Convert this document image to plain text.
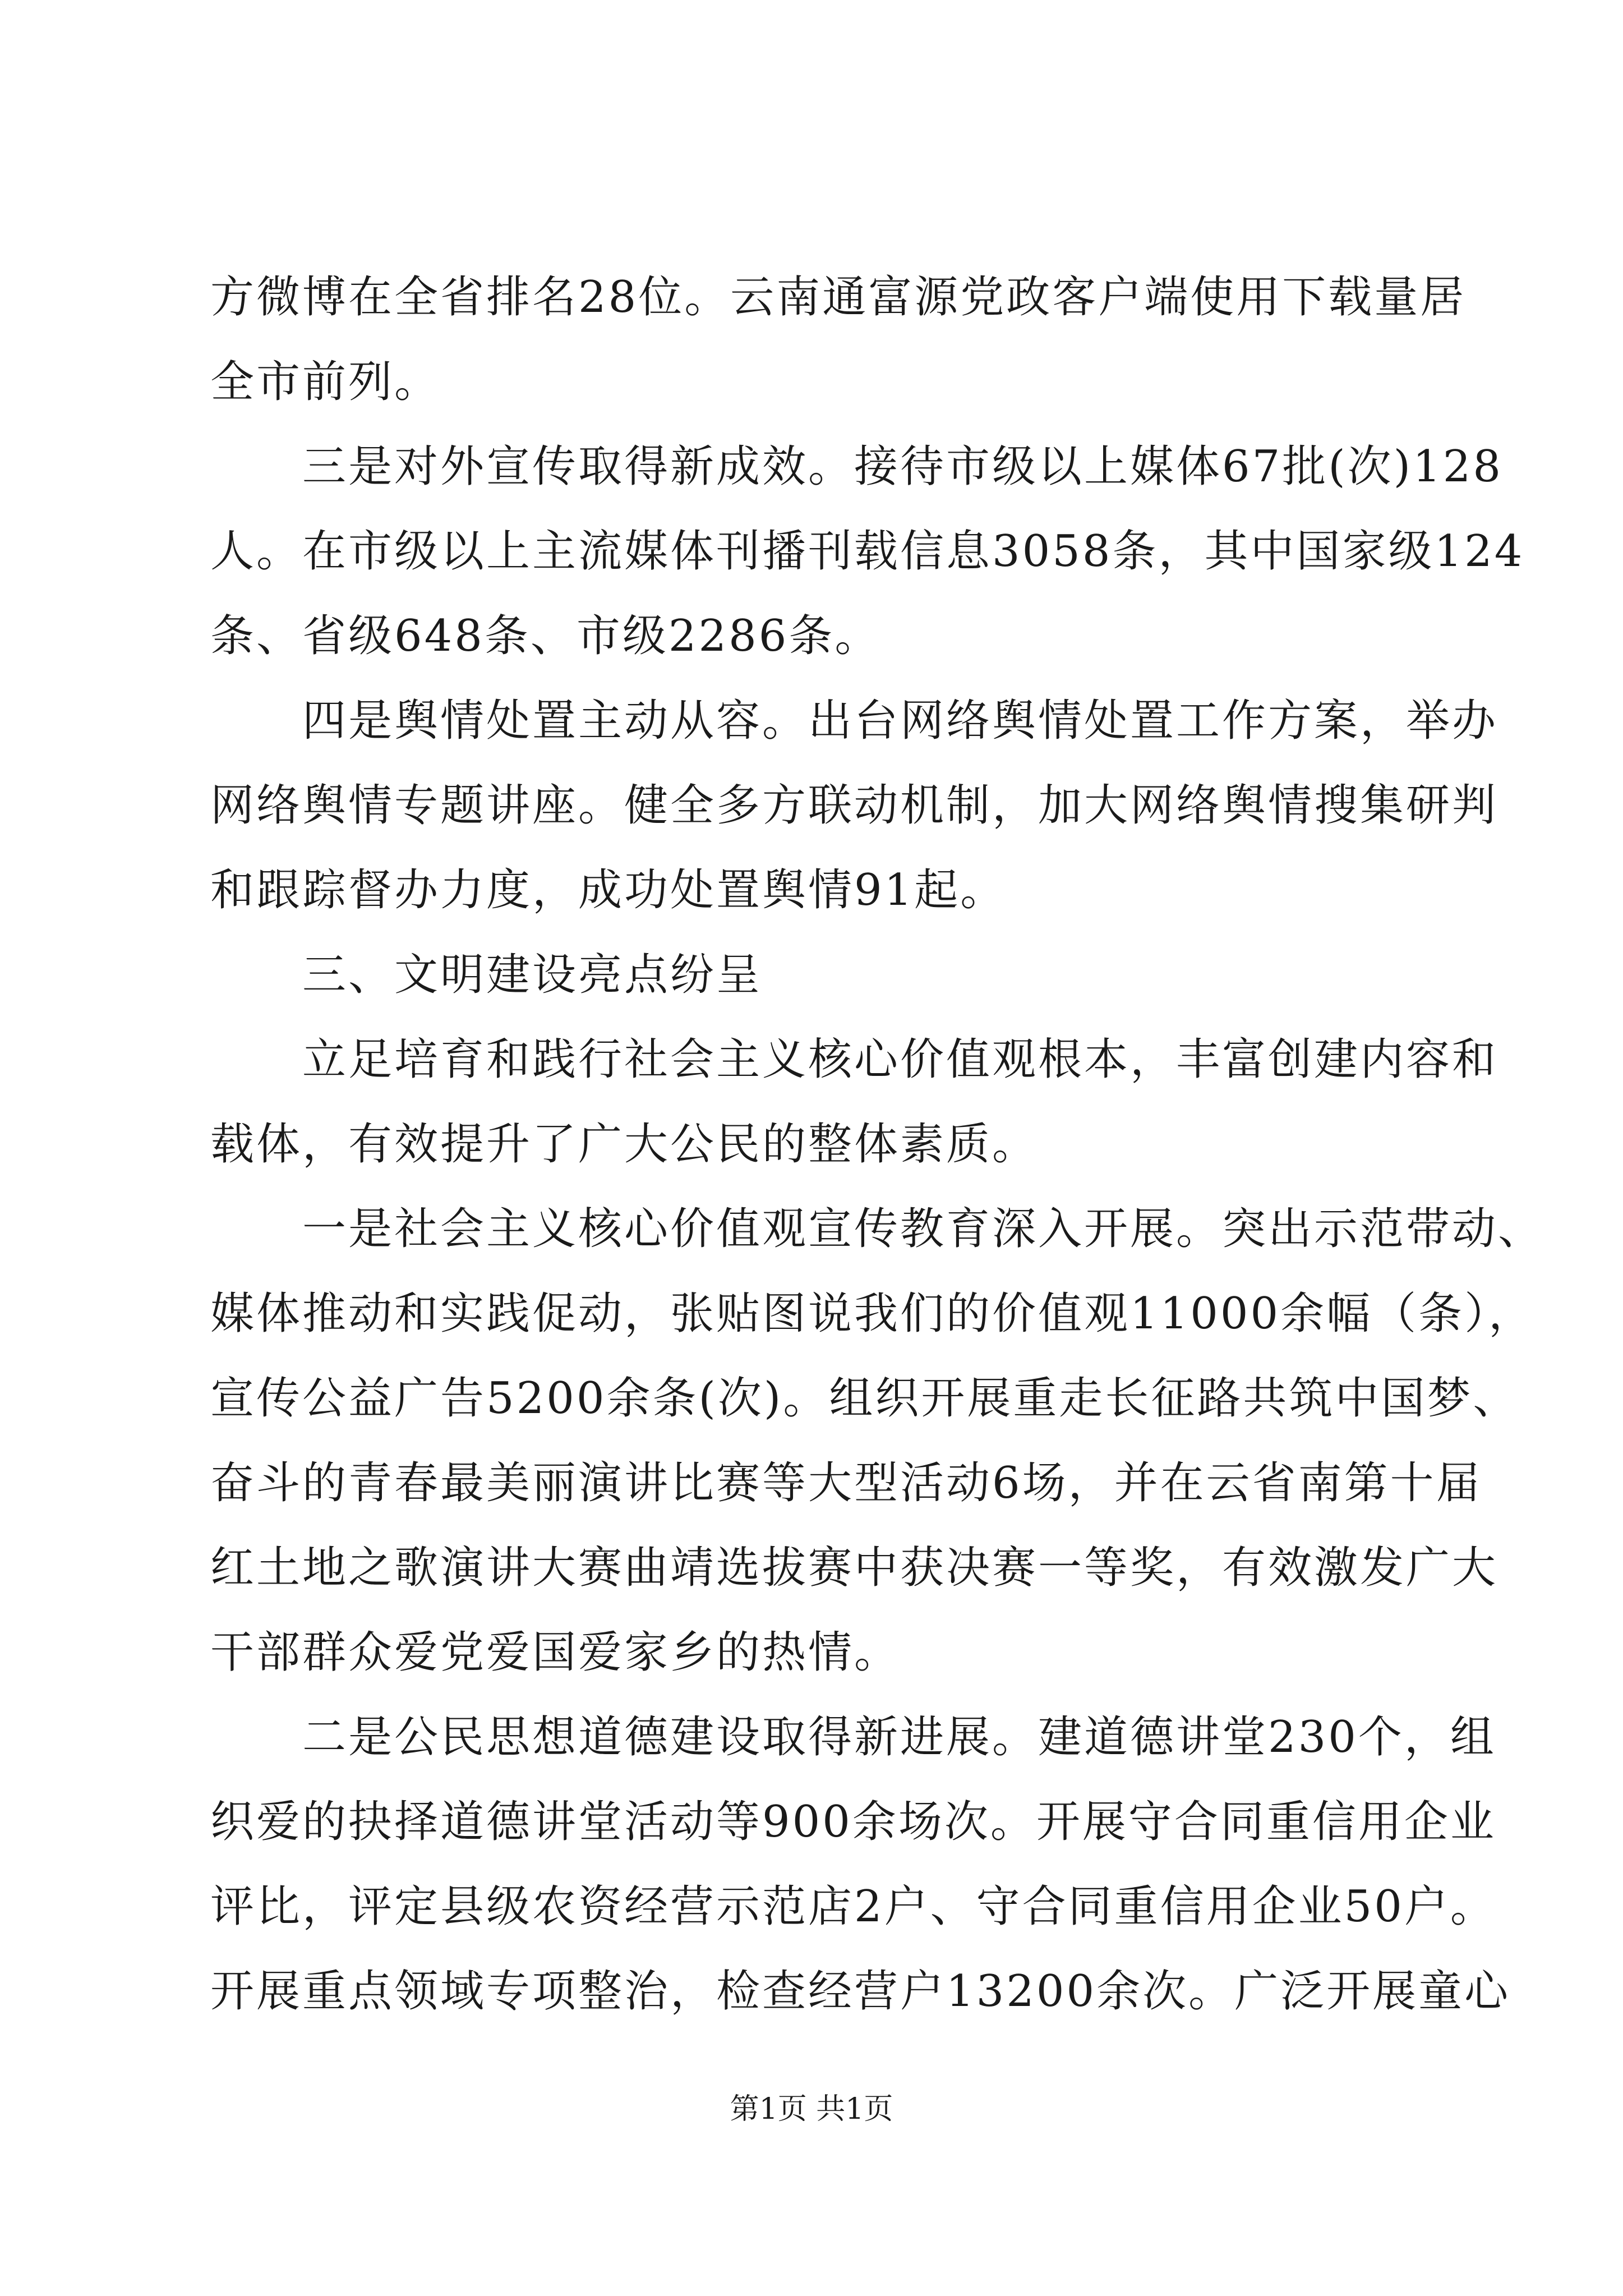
方微博在全省排名28位。云南通富源党政客户端使用下载量居
全市前列。
三是对外宣传取得新成效。接待市级以上媒体67批(次)128
人。在市级以上主流媒体刊播刊载信息3058条，其中国家级124
条、省级648条、市级2286条。
四是舆情处置主动从容。出台网络舆情处置工作方案，举办
网络舆情专题讲座。健全多方联动机制，加大网络舆情搜集研判
和跟踪督办力度，成功处置舆情91起。
三、文明建设亮点纷呈
立足培育和践行社会主义核心价值观根本，丰富创建内容和
载体，有效提升了广大公民的整体素质。
一是社会主义核心价值观宣传教育深入开展。突出示范带动、
媒体推动和实践促动，张贴图说我们的价值观11000余幅（条），
宣传公益广告5200余条(次)。组织开展重走长征路共筑中国梦、
奋斗的青春最美丽演讲比赛等大型活动6场，并在云省南第十届
红土地之歌演讲大赛曲靖选拔赛中获决赛一等奖，有效激发广大
干部群众爱党爱国爱家乡的热情。
二是公民思想道德建设取得新进展。建道德讲堂230个，组
织爱的抉择道德讲堂活动等900余场次。开展守合同重信用企业
评比，评定县级农资经营示范店2户、守合同重信用企业50户。
开展重点领域专项整治，检查经营户13200余次。广泛开展童心
第1页 共1页
